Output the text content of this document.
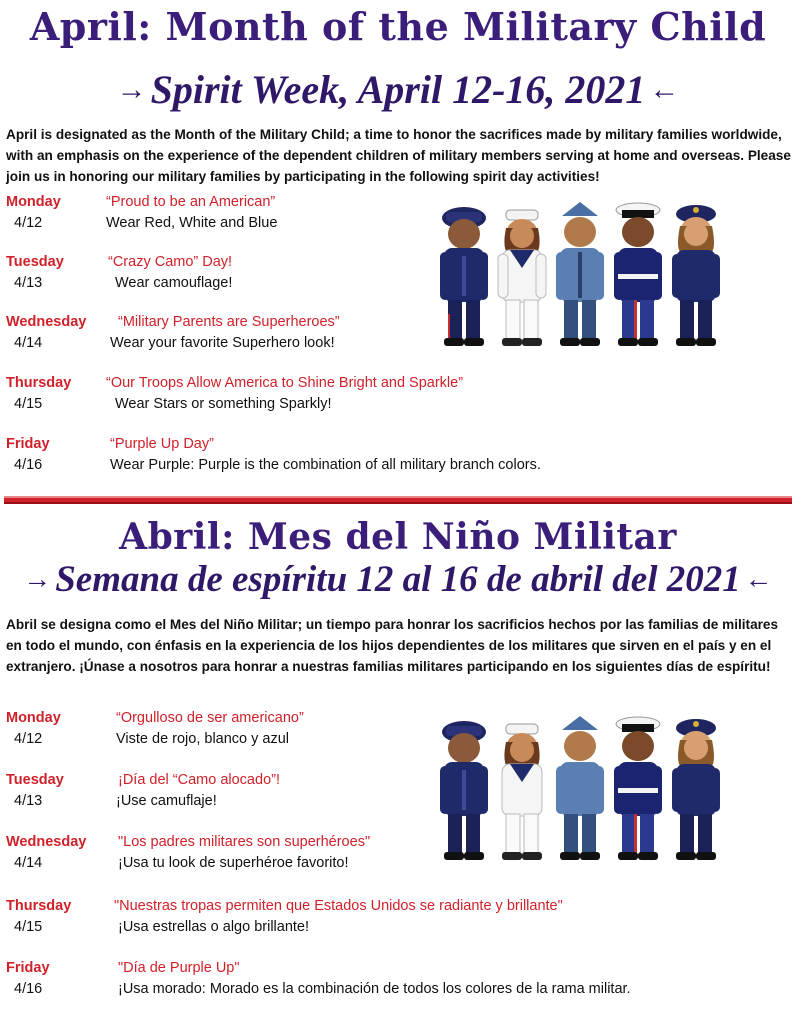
April: Month of the Military Child
→ Spirit Week, April 12-16, 2021 ←
April is designated as the Month of the Military Child; a time to honor the sacrifices made by military families worldwide, with an emphasis on the experience of the dependent children of military members serving at home and overseas. Please join us in honoring our military families by participating in the following spirit day activities!
Monday
4/12
“Proud to be an American”
Wear Red, White and Blue
Tuesday
4/13
“Crazy Camo” Day!
Wear camouflage!
Wednesday
4/14
“Military Parents are Superheroes”
Wear your favorite Superhero look!
Thursday
4/15
“Our Troops Allow America to Shine Bright and Sparkle”
Wear Stars or something Sparkly!
Friday
4/16
“Purple Up Day”
Wear Purple: Purple is the combination of all military branch colors.
Abril: Mes del Niño Militar
→ Semana de espíritu 12 al 16 de abril del 2021 ←
Abril se designa como el Mes del Niño Militar; un tiempo para honrar los sacrificios hechos por las familias de militares en todo el mundo, con énfasis en la experiencia de los hijos dependientes de los militares que sirven en el país y en el extranjero. ¡Únase a nosotros para honrar a nuestras familias militares participando en los siguientes días de espíritu!
Monday
4/12
“Orgulloso de ser americano”
Viste de rojo, blanco y azul
Tuesday
4/13
¡Día del “Camo alocado”!
¡Use camuflaje!
Wednesday
4/14
"Los padres militares son superhéroes"
¡Usa tu look de superhéroe favorito!
Thursday
4/15
"Nuestras tropas permiten que Estados Unidos se radiante y brillante"
¡Usa estrellas o algo brillante!
Friday
4/16
"Día de Purple Up"
¡Usa morado: Morado es la combinación de todos los colores de la rama militar.
